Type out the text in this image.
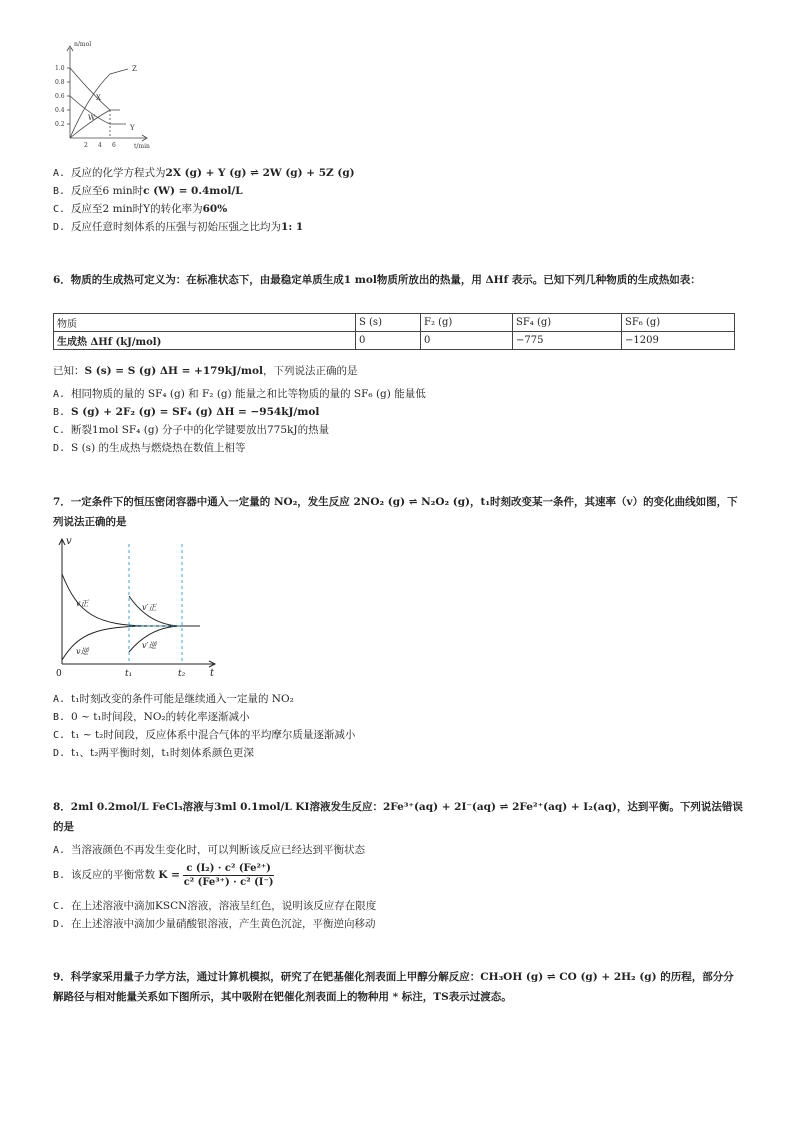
n/mol
t/min
1.0
0.8
0.6
0.4
0.2
2 4 6
Z
X
W
Y
A. 反应的化学方程式为2X (g) + Y (g) ⇌ 2W (g) + 5Z (g)
B. 反应至6 min时c (W) = 0.4mol/L
C. 反应至2 min时Y的转化率为60%
D. 反应任意时刻体系的压强与初始压强之比均为1: 1
6．物质的生成热可定义为：在标准状态下，由最稳定单质生成1 mol物质所放出的热量，用 ΔHf 表示。已知下列几种物质的生成热如表：
物质	S (s)	F₂ (g)	SF₄ (g)	SF₆ (g)
生成热 ΔHf (kJ/mol)	0	0	−775	−1209
已知：S (s) = S (g) ΔH = +179kJ/mol，下列说法正确的是
A. 相同物质的量的 SF₄ (g) 和 F₂ (g) 能量之和比等物质的量的 SF₆ (g) 能量低
B. S (g) + 2F₂ (g) = SF₄ (g) ΔH = −954kJ/mol
C. 断裂1mol SF₄ (g) 分子中的化学键要放出775kJ的热量
D. S (s) 的生成热与燃烧热在数值上相等
7．一定条件下的恒压密闭容器中通入一定量的 NO₂，发生反应 2NO₂ (g) ⇌ N₂O₂ (g)，t₁时刻改变某一条件，其速率（v）的变化曲线如图，下列说法正确的是
v
t
0	t₁	t₂
v正
v逆
v′正
v′逆
A. t₁时刻改变的条件可能是继续通入一定量的 NO₂
B. 0 ~ t₁时间段，NO₂的转化率逐渐减小
C. t₁ ~ t₂时间段，反应体系中混合气体的平均摩尔质量逐渐减小
D. t₁、t₂两平衡时刻，t₁时刻体系颜色更深
8．2ml 0.2mol/L FeCl₃溶液与3ml 0.1mol/L KI溶液发生反应：2Fe³⁺(aq) + 2I⁻(aq) ⇌ 2Fe²⁺(aq) + I₂(aq)，达到平衡。下列说法错误的是
A. 当溶液颜色不再发生变化时，可以判断该反应已经达到平衡状态
B. 该反应的平衡常数 $K = \frac{\text{c (I₂) · c² (Fe²⁺)}}{\text{c² (Fe³⁺) · c² (I⁻)}}$
C. 在上述溶液中滴加KSCN溶液，溶液呈红色，说明该反应存在限度
D. 在上述溶液中滴加少量硝酸银溶液，产生黄色沉淀，平衡逆向移动
9．科学家采用量子力学方法，通过计算机模拟，研究了在钯基催化剂表面上甲醇分解反应：CH₃OH (g) ⇌ CO (g) + 2H₂ (g) 的历程，部分分解路径与相对能量关系如下图所示，其中吸附在钯催化剂表面上的物种用 * 标注，TS表示过渡态。
